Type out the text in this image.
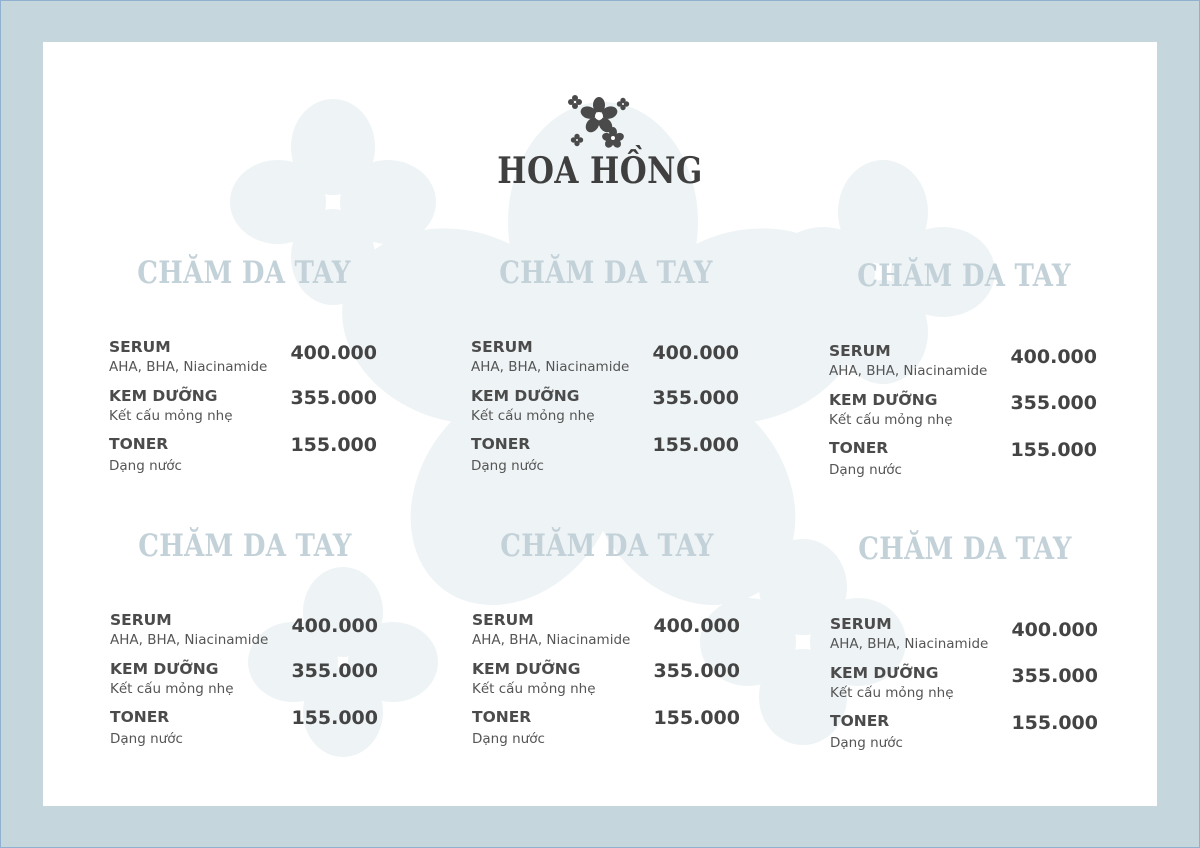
HOA HỒNG
CHĂM DA TAY
SERUM
AHA, BHA, Niacinamide
400.000
KEM DƯỠNG
Kết cấu mỏng nhẹ
355.000
TONER
Dạng nước
155.000
CHĂM DA TAY
SERUM
AHA, BHA, Niacinamide
400.000
KEM DƯỠNG
Kết cấu mỏng nhẹ
355.000
TONER
Dạng nước
155.000
CHĂM DA TAY
SERUM
AHA, BHA, Niacinamide
400.000
KEM DƯỠNG
Kết cấu mỏng nhẹ
355.000
TONER
Dạng nước
155.000
CHĂM DA TAY
SERUM
AHA, BHA, Niacinamide
400.000
KEM DƯỠNG
Kết cấu mỏng nhẹ
355.000
TONER
Dạng nước
155.000
CHĂM DA TAY
SERUM
AHA, BHA, Niacinamide
400.000
KEM DƯỠNG
Kết cấu mỏng nhẹ
355.000
TONER
Dạng nước
155.000
CHĂM DA TAY
SERUM
AHA, BHA, Niacinamide
400.000
KEM DƯỠNG
Kết cấu mỏng nhẹ
355.000
TONER
Dạng nước
155.000
